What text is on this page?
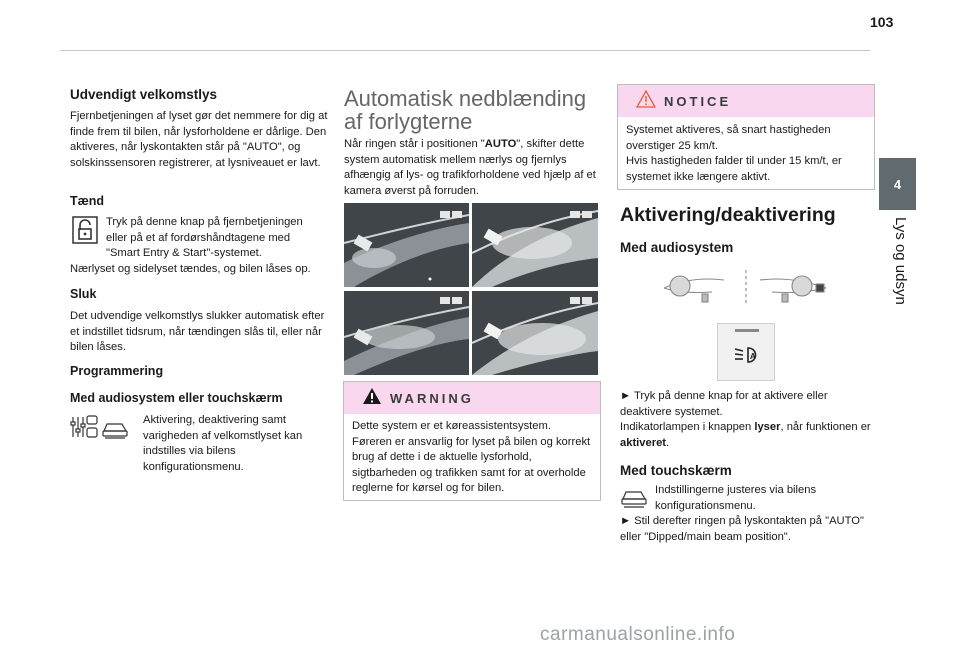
103
4
Lys og udsyn
Udvendigt velkomstlys
Fjernbetjeningen af lyset gør det nemmere for dig at finde frem til bilen, når lysforholdene er dårlige. Den aktiveres, når lyskontakten står på "AUTO", og solskinssensoren registrerer, at lysniveauet er lavt.
Tænd
Tryk på denne knap på fjernbetjeningen eller på et af fordørshåndtagene med "Smart Entry & Start"-systemet.
Nærlyset og sidelyset tændes, og bilen låses op.
Sluk
Det udvendige velkomstlys slukker automatisk efter et indstillet tidsrum, når tændingen slås til, eller når bilen låses.
Programmering
Med audiosystem eller touchskærm
Aktivering, deaktivering samt varigheden af velkomstlyset kan indstilles via bilens konfigurationsmenu.
Automatisk nedblænding af forlygterne
Når ringen står i positionen "AUTO", skifter dette system automatisk mellem nærlys og fjernlys afhængig af lys- og trafikforholdene ved hjælp af et kamera øverst på forruden.
WARNING
Dette system er et køreassistentsystem. Føreren er ansvarlig for lyset på bilen og korrekt brug af dette i de aktuelle lysforhold, sigtbarheden og trafikken samt for at overholde reglerne for kørsel og for bilen.
NOTICE
Systemet aktiveres, så snart hastigheden overstiger 25 km/t.
Hvis hastigheden falder til under 15 km/t, er systemet ikke længere aktivt.
Aktivering/deaktivering
Med audiosystem
A
► Tryk på denne knap for at aktivere eller deaktivere systemet.
Indikatorlampen i knappen lyser, når funktionen er aktiveret.
Med touchskærm
Indstillingerne justeres via bilens konfigurationsmenu.
► Stil derefter ringen på lyskontakten på "AUTO" eller "Dipped/main beam position".
carmanualsonline.info
